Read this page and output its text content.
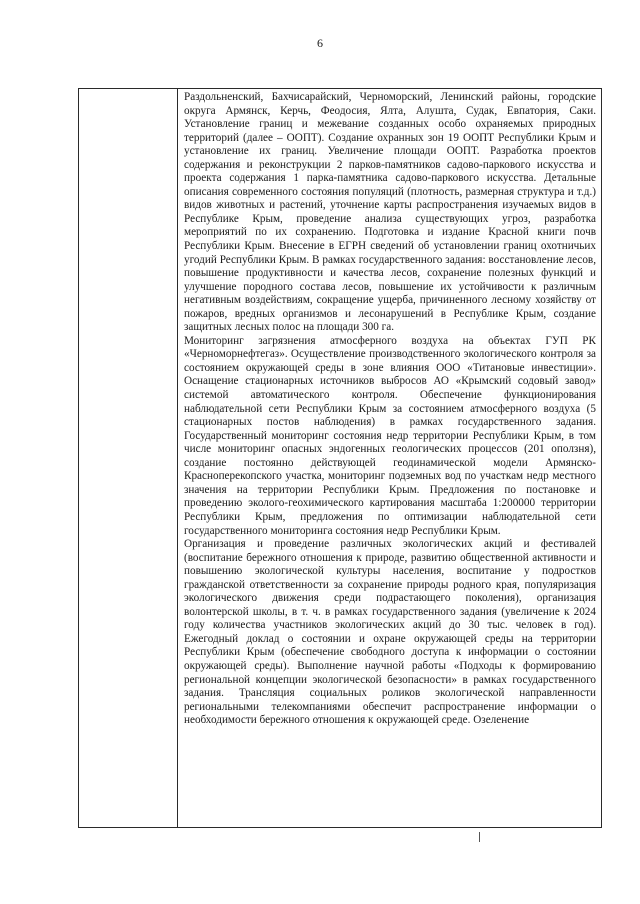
6

Раздольненский, Бахчисарайский, Черноморский, Ленинский районы, городские округа Армянск, Керчь, Феодосия, Ялта, Алушта, Судак, Евпатория, Саки. Установление границ и межевание созданных особо охраняемых природных территорий (далее – ООПТ). Создание охранных зон 19 ООПТ Республики Крым и установление их границ. Увеличение площади ООПТ. Разработка проектов содержания и реконструкции 2 парков-памятников садово-паркового искусства и проекта содержания 1 парка-памятника садово-паркового искусства. Детальные описания современного состояния популяций (плотность, размерная структура и т.д.) видов животных и растений, уточнение карты распространения изучаемых видов в Республике Крым, проведение анализа существующих угроз, разработка мероприятий по их сохранению. Подготовка и издание Красной книги почв Республики Крым. Внесение в ЕГРН сведений об установлении границ охотничьих угодий Республики Крым. В рамках государственного задания: восстановление лесов, повышение продуктивности и качества лесов, сохранение полезных функций и улучшение породного состава лесов, повышение их устойчивости к различным негативным воздействиям, сокращение ущерба, причиненного лесному хозяйству от пожаров, вредных организмов и лесонарушений в Республике Крым, создание защитных лесных полос на площади 300 га.

Мониторинг загрязнения атмосферного воздуха на объектах ГУП РК «Черноморнефтегаз». Осуществление производственного экологического контроля за состоянием окружающей среды в зоне влияния ООО «Титановые инвестиции». Оснащение стационарных источников выбросов АО «Крымский содовый завод» системой автоматического контроля. Обеспечение функционирования наблюдательной сети Республики Крым за состоянием атмосферного воздуха (5 стационарных постов наблюдения) в рамках государственного задания. Государственный мониторинг состояния недр территории Республики Крым, в том числе мониторинг опасных эндогенных геологических процессов (201 оползня), создание постоянно действующей геодинамической модели Армянско-Красноперекопского участка, мониторинг подземных вод по участкам недр местного значения на территории Республики Крым. Предложения по постановке и проведению эколого-геохимического картирования масштаба 1:200000 территории Республики Крым, предложения по оптимизации наблюдательной сети государственного мониторинга состояния недр Республики Крым.

Организация и проведение различных экологических акций и фестивалей (воспитание бережного отношения к природе, развитию общественной активности и повышению экологической культуры населения, воспитание у подростков гражданской ответственности за сохранение природы родного края, популяризация экологического движения среди подрастающего поколения), организация волонтерской школы, в т. ч. в рамках государственного задания (увеличение к 2024 году количества участников экологических акций до 30 тыс. человек в год). Ежегодный доклад о состоянии и охране окружающей среды на территории Республики Крым (обеспечение свободного доступа к информации о состоянии окружающей среды). Выполнение научной работы «Подходы к формированию региональной концепции экологической безопасности» в рамках государственного задания. Трансляция социальных роликов экологической направленности региональными телекомпаниями обеспечит распространение информации о необходимости бережного отношения к окружающей среде. Озеленение
